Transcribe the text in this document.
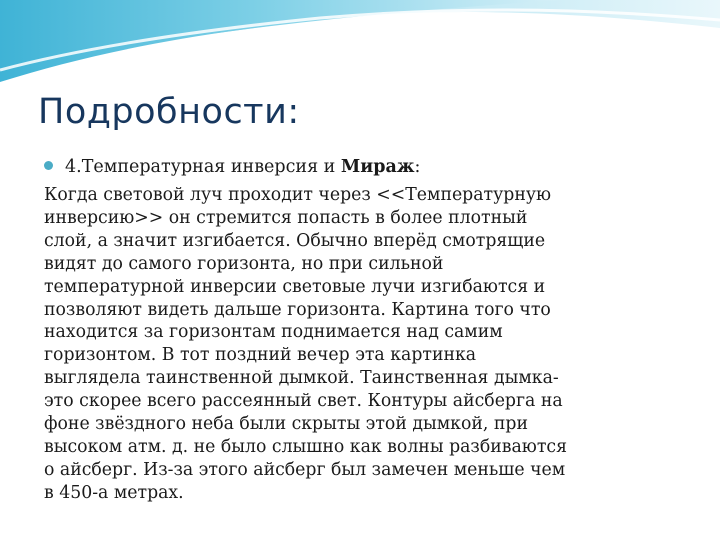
Подробности:
4.Температурная инверсия и Мираж:
Когда световой луч проходит через <<Температурную
инверсию>> он стремится попасть в более плотный
слой, а значит изгибается. Обычно вперёд смотрящие
видят до самого горизонта, но при сильной
температурной инверсии световые лучи изгибаются и
позволяют видеть дальше горизонта. Картина того что
находится за горизонтам поднимается над самим
горизонтом. В тот поздний вечер эта картинка
выглядела таинственной дымкой. Таинственная дымка-
это скорее всего рассеянный свет. Контуры айсберга на
фоне звёздного неба были скрыты этой дымкой, при
высоком атм. д. не было слышно как волны разбиваются
о айсберг. Из-за этого айсберг был замечен меньше чем
в 450-а метрах.
